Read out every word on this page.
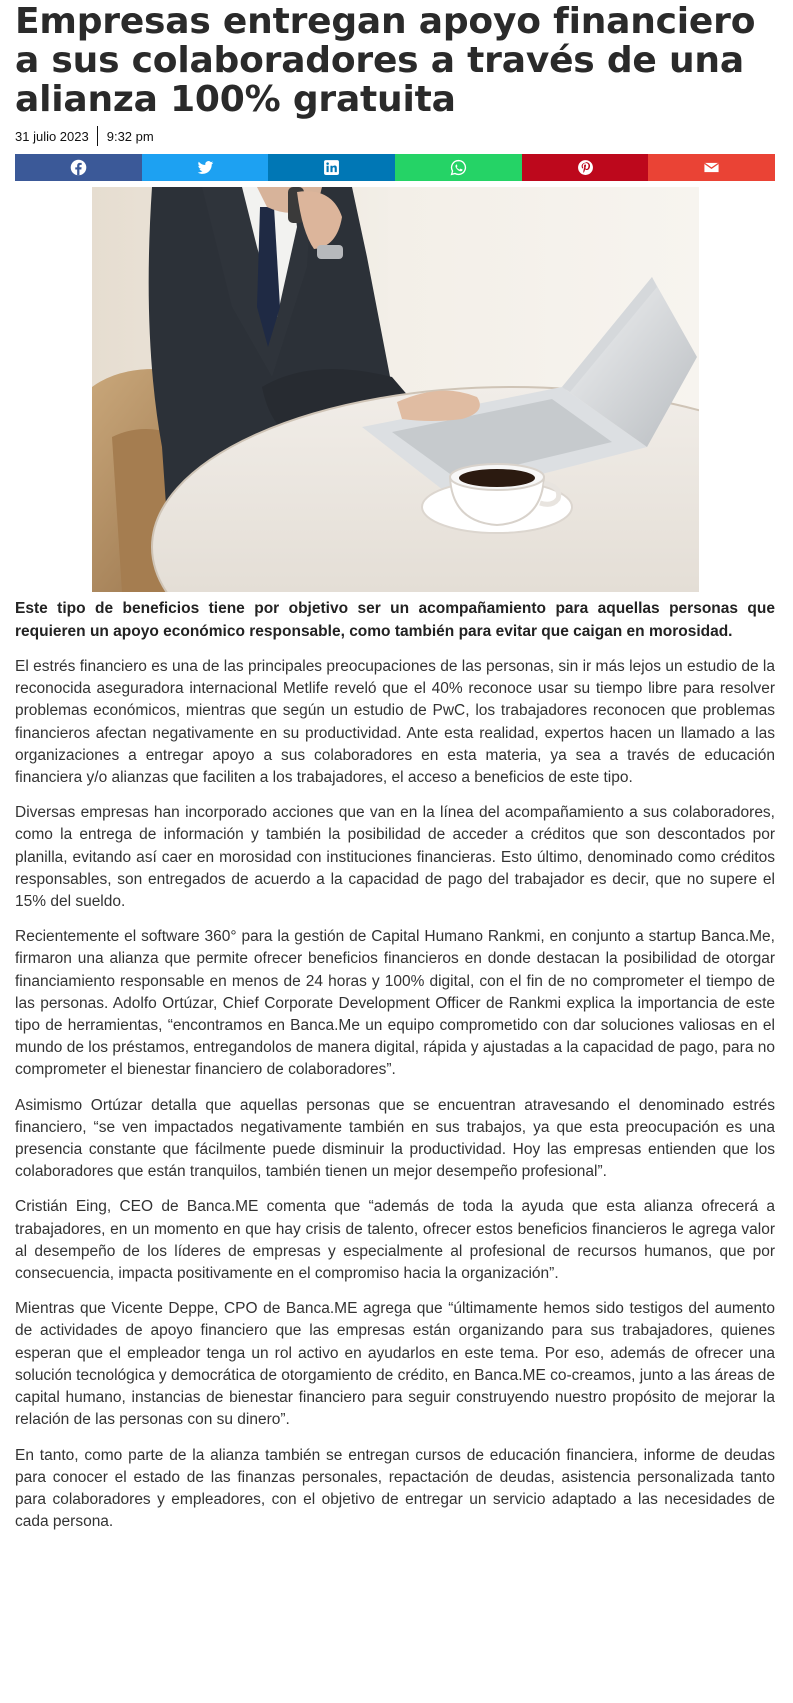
Empresas entregan apoyo financiero a sus colaboradores a través de una alianza 100% gratuita
31 julio 2023	9:32 pm

Este tipo de beneficios tiene por objetivo ser un acompañamiento para aquellas personas que requieren un apoyo económico responsable, como también para evitar que caigan en morosidad.

El estrés financiero es una de las principales preocupaciones de las personas, sin ir más lejos un estudio de la reconocida aseguradora internacional Metlife reveló que el 40% reconoce usar su tiempo libre para resolver problemas económicos, mientras que según un estudio de PwC, los trabajadores reconocen que problemas financieros afectan negativamente en su productividad. Ante esta realidad, expertos hacen un llamado a las organizaciones a entregar apoyo a sus colaboradores en esta materia, ya sea a través de educación financiera y/o alianzas que faciliten a los trabajadores, el acceso a beneficios de este tipo.

Diversas empresas han incorporado acciones que van en la línea del acompañamiento a sus colaboradores, como la entrega de información y también la posibilidad de acceder a créditos que son descontados por planilla, evitando así caer en morosidad con instituciones financieras. Esto último, denominado como créditos responsables, son entregados de acuerdo a la capacidad de pago del trabajador es decir, que no supere el 15% del sueldo.

Recientemente el software 360° para la gestión de Capital Humano Rankmi, en conjunto a startup Banca.Me, firmaron una alianza que permite ofrecer beneficios financieros en donde destacan la posibilidad de otorgar financiamiento responsable en menos de 24 horas y 100% digital, con el fin de no comprometer el tiempo de las personas. Adolfo Ortúzar, Chief Corporate Development Officer de Rankmi explica la importancia de este tipo de herramientas, “encontramos en Banca.Me un equipo comprometido con dar soluciones valiosas en el mundo de los préstamos, entregandolos de manera digital, rápida y ajustadas a la capacidad de pago, para no comprometer el bienestar financiero de colaboradores”.

Asimismo Ortúzar detalla que aquellas personas que se encuentran atravesando el denominado estrés financiero, “se ven impactados negativamente también en sus trabajos, ya que esta preocupación es una presencia constante que fácilmente puede disminuir la productividad. Hoy las empresas entienden que los colaboradores que están tranquilos, también tienen un mejor desempeño profesional”.

Cristián Eing, CEO de Banca.ME comenta que “además de toda la ayuda que esta alianza ofrecerá a trabajadores, en un momento en que hay crisis de talento, ofrecer estos beneficios financieros le agrega valor al desempeño de los líderes de empresas y especialmente al profesional de recursos humanos, que por consecuencia, impacta positivamente en el compromiso hacia la organización”.

Mientras que Vicente Deppe, CPO de Banca.ME agrega que “últimamente hemos sido testigos del aumento de actividades de apoyo financiero que las empresas están organizando para sus trabajadores, quienes esperan que el empleador tenga un rol activo en ayudarlos en este tema. Por eso, además de ofrecer una solución tecnológica y democrática de otorgamiento de crédito, en Banca.ME co-creamos, junto a las áreas de capital humano, instancias de bienestar financiero para seguir construyendo nuestro propósito de mejorar la relación de las personas con su dinero”.

En tanto, como parte de la alianza también se entregan cursos de educación financiera, informe de deudas para conocer el estado de las finanzas personales, repactación de deudas, asistencia personalizada tanto para colaboradores y empleadores, con el objetivo de entregar un servicio adaptado a las necesidades de cada persona.
